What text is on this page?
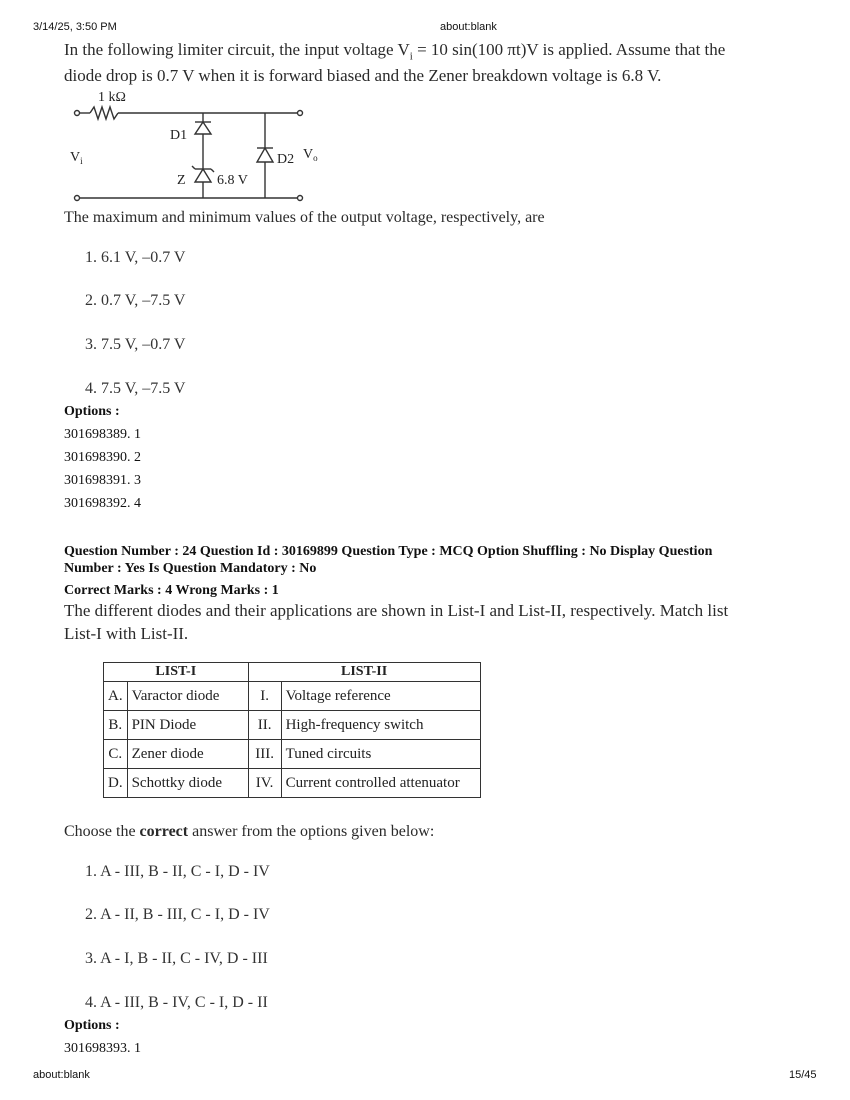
3/14/25, 3:50 PM	about:blank
In the following limiter circuit, the input voltage $V_i = 10$ sin(100 πt)V is applied. Assume that the
diode drop is 0.7 V when it is forward biased and the Zener breakdown voltage is 6.8 V.
1 kΩ
D1
D2
Z 6.8 V
$V_i$	$V_o$
The maximum and minimum values of the output voltage, respectively, are
1. 6.1 V, –0.7 V
2. 0.7 V, –7.5 V
3. 7.5 V, –0.7 V
4. 7.5 V, –7.5 V
Options :
301698389. 1
301698390. 2
301698391. 3
301698392. 4
Question Number : 24 Question Id : 30169899 Question Type : MCQ Option Shuffling : No Display Question
Number : Yes Is Question Mandatory : No
Correct Marks : 4 Wrong Marks : 1
The different diodes and their applications are shown in List-I and List-II, respectively. Match list
List-I with List-II.
LIST-I		LIST-II	
A.	Varactor diode	I.	Voltage reference
B.	PIN Diode	II.	High-frequency switch
C.	Zener diode	III.	Tuned circuits
D.	Schottky diode	IV.	Current controlled attenuator
Choose the correct answer from the options given below:
1. A - III, B - II, C - I, D - IV
2. A - II, B - III, C - I, D - IV
3. A - I, B - II, C - IV, D - III
4. A - III, B - IV, C - I, D - II
Options :
301698393. 1
about:blank	15/45
